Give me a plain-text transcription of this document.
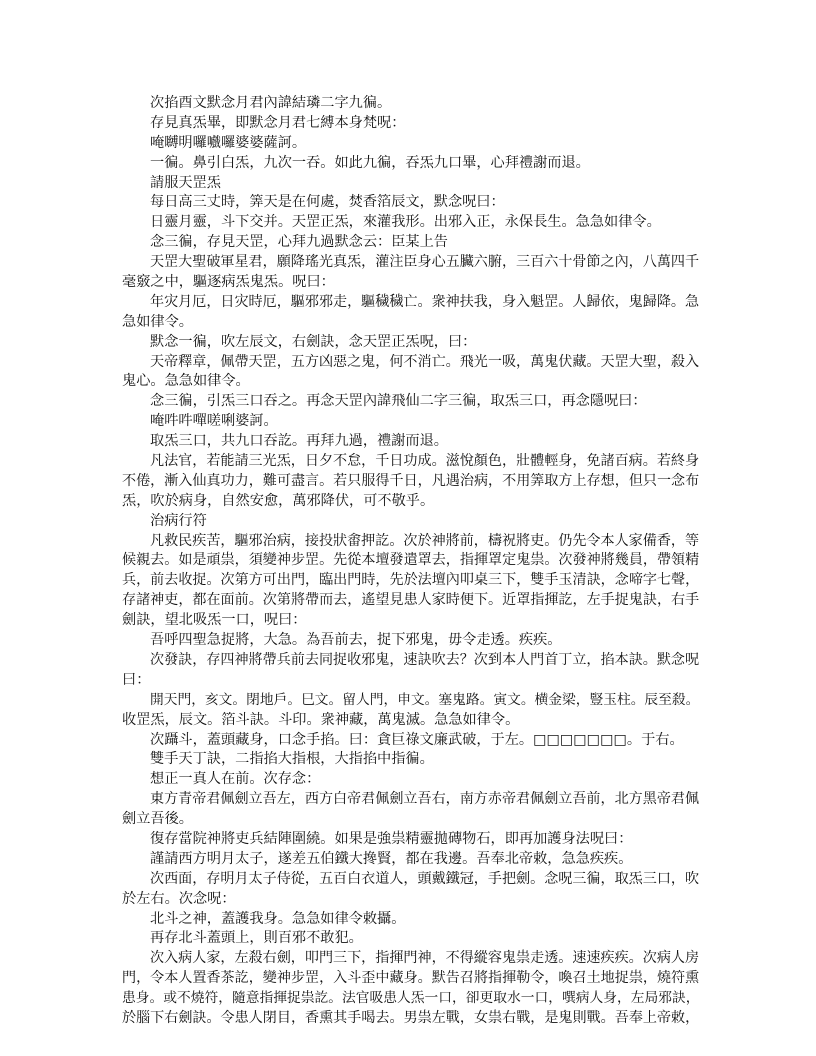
次掐酉文默念月君內諱結璘二字九徧。
存見真炁畢，即默念月君七縛本身梵呪：
唵嚩明囉嚱囉婆婆薩訶。
一徧。鼻引白炁，九次一吞。如此九徧，吞炁九口畢，心拜禮謝而退。
請服天罡炁
每日高三丈時，筭天是在何處，焚香箔辰文，默念呪曰：
日靈月靈，斗下交并。天罡正炁，來灌我形。出邪入正，永保長生。急急如律令。
念三徧，存見天罡，心拜九過默念云：臣某上告
天罡大聖破軍星君，願降瑤光真炁，灌注臣身心五臟六腑，三百六十骨節之內，八萬四千
毫竅之中，驅逐病炁鬼炁。呪曰：
年灾月厄，日灾時厄，驅邪邪走，驅穢穢亡。衆神扶我，身入魁罡。人歸依，鬼歸降。急
急如律令。
默念一徧，吹左辰文，右劍訣，念天罡正炁呪，曰：
天帝釋章，佩帶天罡，五方凶惡之鬼，何不消亡。飛光一吸，萬鬼伏藏。天罡大聖，殺入
鬼心。急急如律令。
念三徧，引炁三口吞之。再念天罡內諱飛仙二字三徧，取炁三口，再念隱呪曰：
唵吽吽嘽嗟唎婆訶。
取炁三口，共九口吞訖。再拜九過，禮謝而退。
凡法官，若能請三光炁，日夕不怠，千日功成。滋悅顏色，壯體輕身，免諸百病。若終身
不倦，漸入仙真功力，難可盡言。若只服得千日，凡遇治病，不用筭取方上存想，但只一念布
炁，吹於病身，自然安愈，萬邪降伏，可不敬乎。
治病行符
凡救民疾苦，驅邪治病，接投狀畬押訖。次於神將前，檮祝將吏。仍先令本人家備香，等
候親去。如是頑祟，須變神步罡。先從本壇發遣罩去，指揮罩定鬼祟。次發神將幾員，帶領精
兵，前去收捉。次第方可出門，臨出門時，先於法壇內叩桌三下，雙手玉清訣，念啼字七聲，
存諸神吏，都在面前。次第將帶而去，遙望見患人家時便下。近罩指揮訖，左手捉鬼訣，右手
劍訣，望北吸炁一口，呪曰：
吾呼四聖急捉將，大急。為吾前去，捉下邪鬼，毋令走透。疾疾。
次發訣，存四神將帶兵前去同捉收邪鬼，速訣吹去？次到本人門首丁立，掐本訣。默念呪
曰：
開天門，亥文。閉地戶。巳文。留人門，申文。塞鬼路。寅文。横金梁，豎玉柱。辰至殺。
收罡炁，辰文。箔斗訣。斗印。衆神藏，萬鬼滅。急急如律令。
次躡斗，蓋頭藏身，口念手掐。曰：貪巨祿文廉武破，于左。□□□□□□□。于右。
雙手天丁訣，二指掐大指根，大指掐中指徧。
想正一真人在前。次存念：
東方青帝君佩劍立吾左，西方白帝君佩劍立吾右，南方赤帝君佩劍立吾前，北方黑帝君佩
劍立吾後。
復存當院神將吏兵結陣圍繞。如果是強祟精靈拋磚物石，即再加護身法呪曰：
謹請西方明月太子，遂差五伯鐵大搀賢，都在我邊。吾奉北帝敕，急急疾疾。
次西面，存明月太子侍從，五百白衣道人，頭戴鐵冠，手把劍。念呪三徧，取炁三口，吹
於左右。次念呪：
北斗之神，蓋護我身。急急如律令敕攝。
再存北斗蓋頭上，則百邪不敢犯。
次入病人家，左殺右劍，叩門三下，指揮門神，不得縱容鬼祟走透。速速疾疾。次病人房
門，令本人置香茶訖，變神步罡，入斗歪中藏身。默告召將指揮勒令，喚召土地捉祟，燒符熏
患身。或不燒符，隨意指揮捉祟訖。法官吸患人炁一口，卻更取水一口，噀病人身，左局邪訣，
於腦下右劍訣。令患人閉目，香熏其手喝去。男祟左戰，女祟右戰，是鬼則戰。吾奉上帝敕，
